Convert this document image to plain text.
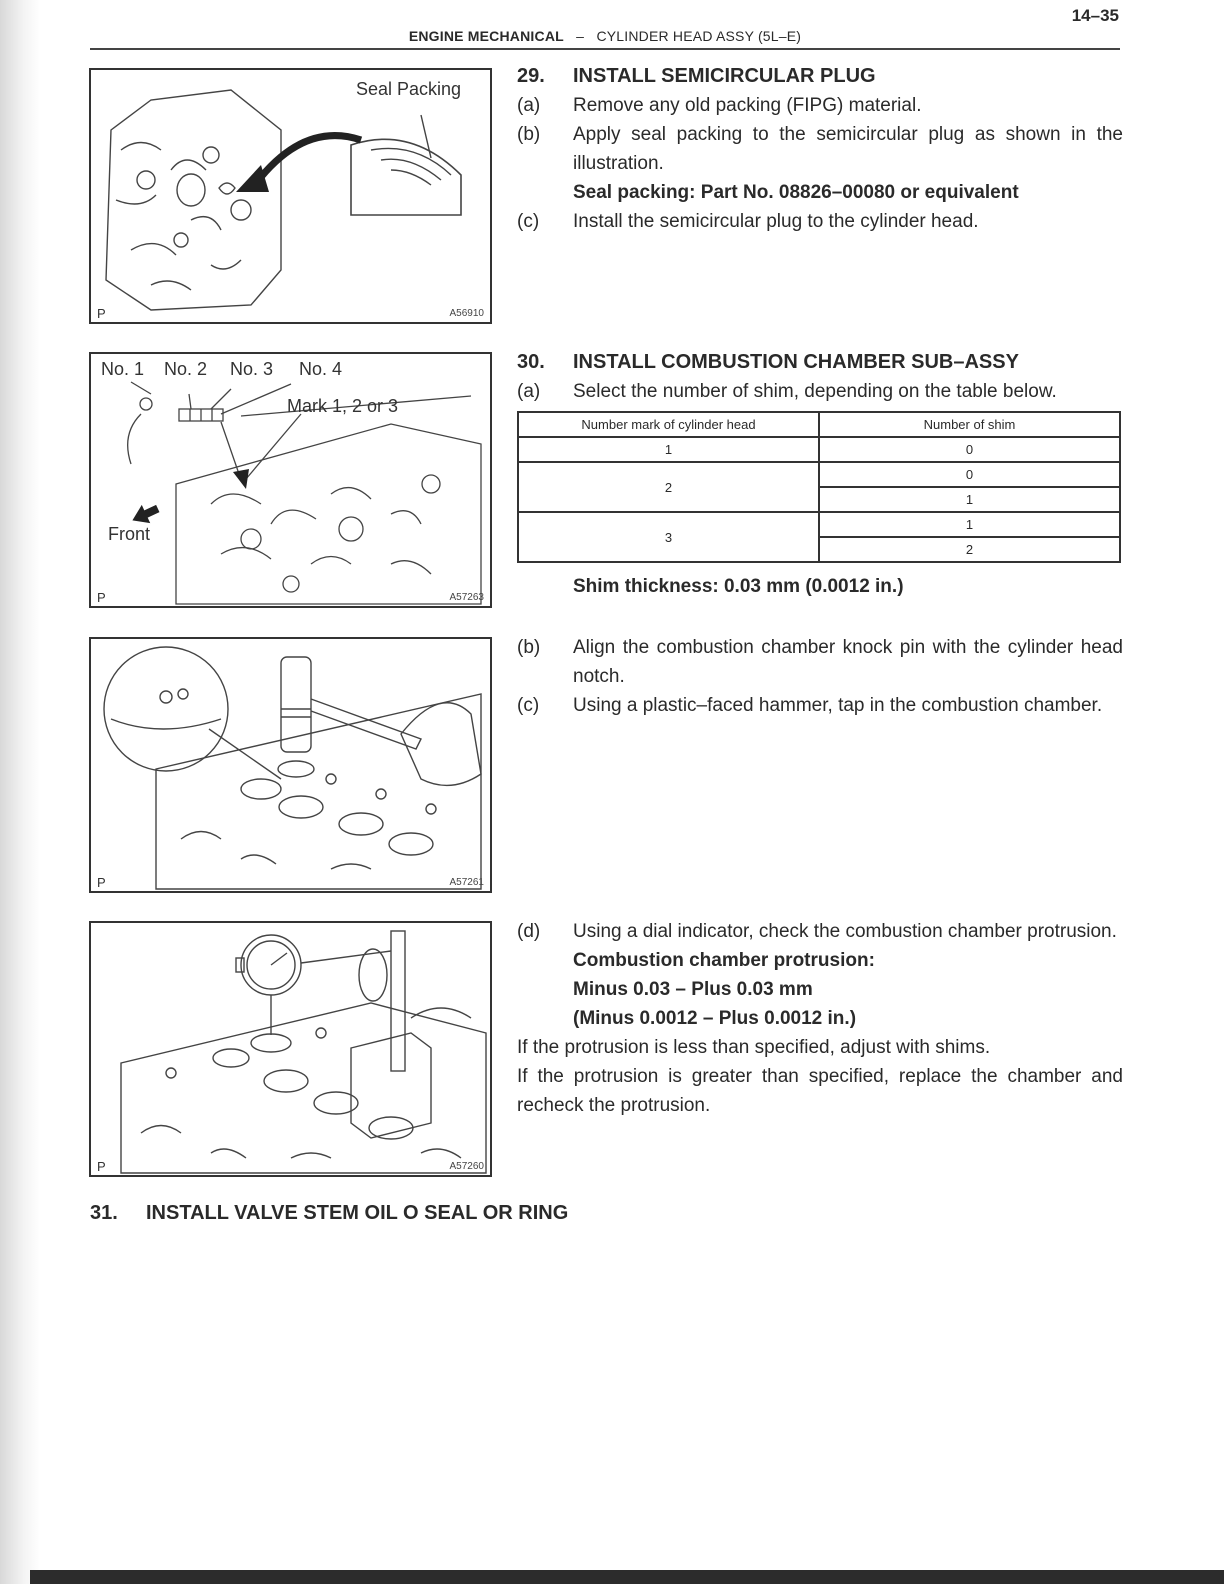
14–35
ENGINE MECHANICAL – CYLINDER HEAD ASSY (5L–E)
Seal Packing
P	A56910
No. 1 No. 2 No. 3 No. 4
Mark 1, 2 or 3
Front
P	A57263
P	A57261
P	A57260
29.	INSTALL SEMICIRCULAR PLUG
(a)	Remove any old packing (FIPG) material.
(b)	Apply seal packing to the semicircular plug as shown in the illustration.
Seal packing: Part No. 08826–00080 or equivalent
(c)	Install the semicircular plug to the cylinder head.
30.	INSTALL COMBUSTION CHAMBER SUB–ASSY
(a)	Select the number of shim, depending on the table below.
Number mark of cylinder head	Number of shim
1	0
2	0
	1
3	1
	2
Shim thickness: 0.03 mm (0.0012 in.)
(b)	Align the combustion chamber knock pin with the cylinder head notch.
(c)	Using a plastic–faced hammer, tap in the combustion chamber.
(d)	Using a dial indicator, check the combustion chamber protrusion.
Combustion chamber protrusion:
Minus 0.03 – Plus 0.03 mm
(Minus 0.0012 – Plus 0.0012 in.)
If the protrusion is less than specified, adjust with shims.
If the protrusion is greater than specified, replace the chamber and recheck the protrusion.
31. INSTALL VALVE STEM OIL O SEAL OR RING
